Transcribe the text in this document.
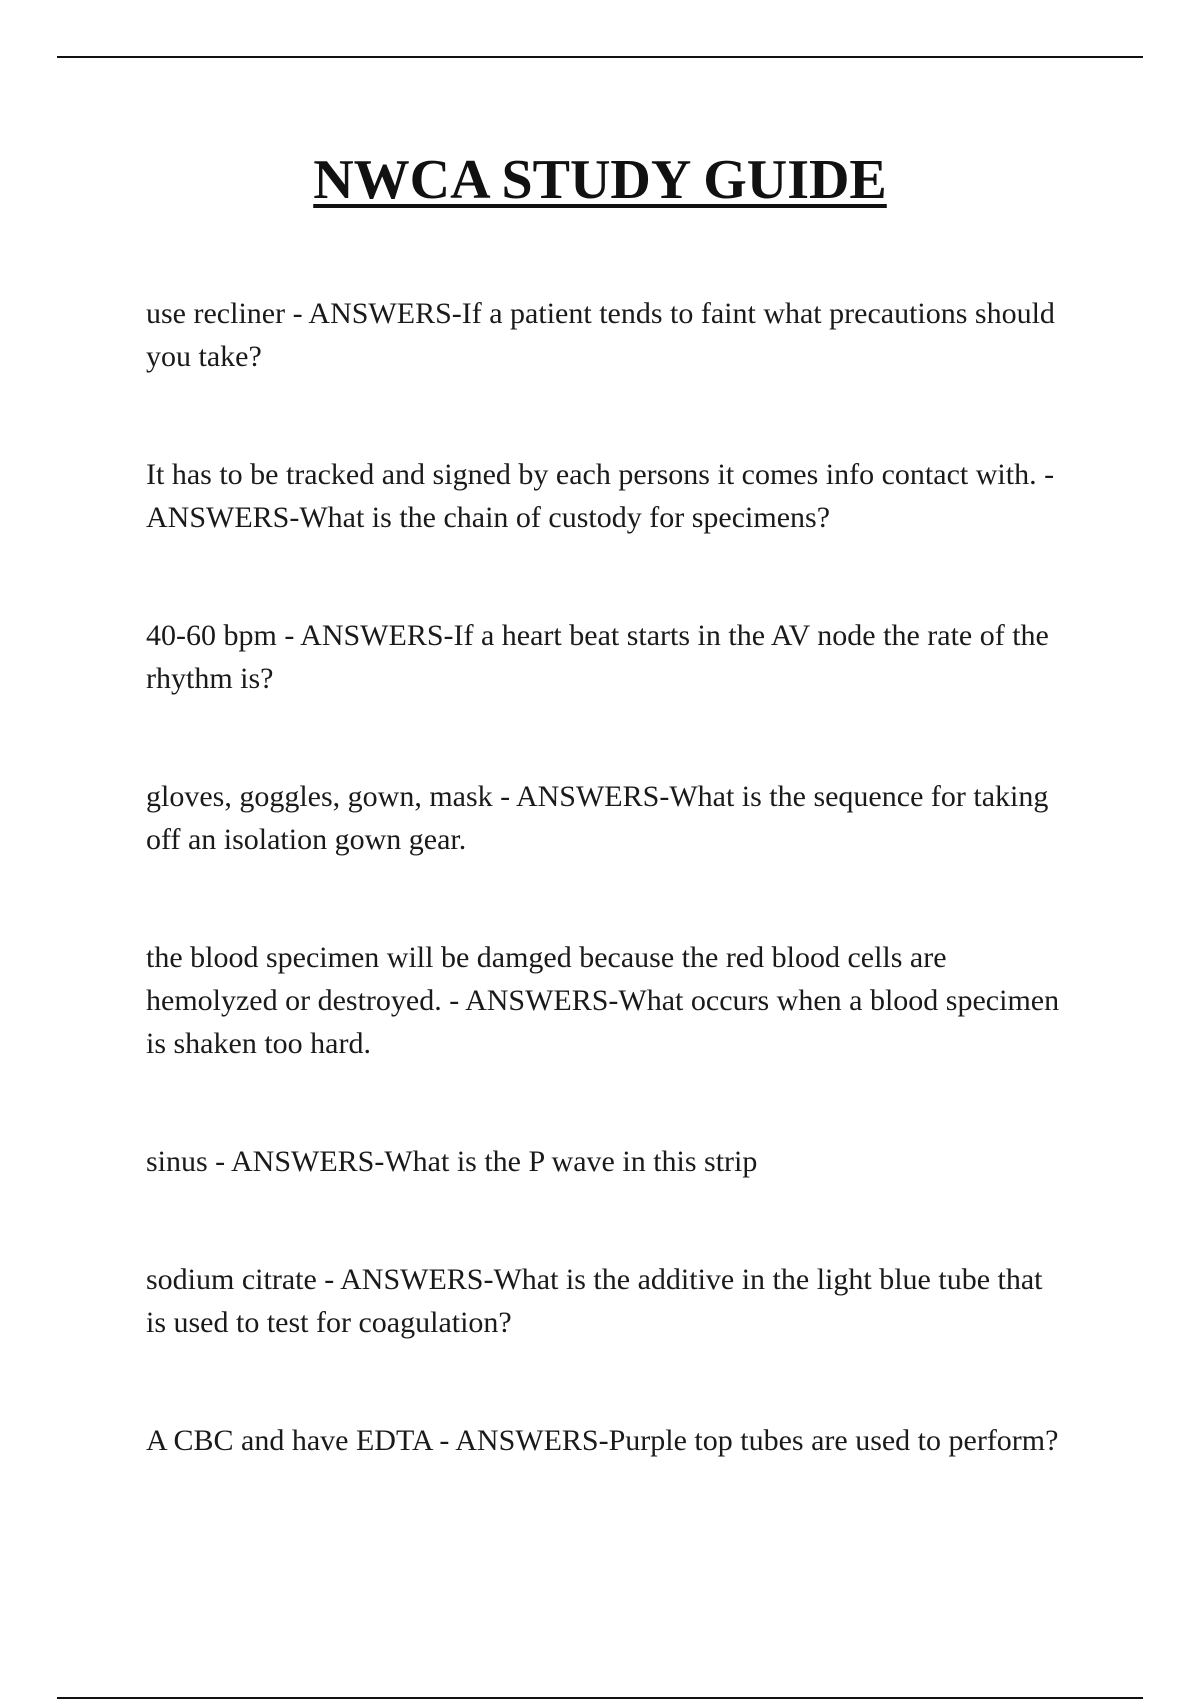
NWCA STUDY GUIDE

use recliner - ANSWERS-If a patient tends to faint what precautions should you take?

It has to be tracked and signed by each persons it comes info contact with. - ANSWERS-What is the chain of custody for specimens?

40-60 bpm - ANSWERS-If a heart beat starts in the AV node the rate of the rhythm is?

gloves, goggles, gown, mask - ANSWERS-What is the sequence for taking off an isolation gown gear.

the blood specimen will be damged because the red blood cells are hemolyzed or destroyed. - ANSWERS-What occurs when a blood specimen is shaken too hard.

sinus - ANSWERS-What is the P wave in this strip

sodium citrate - ANSWERS-What is the additive in the light blue tube that is used to test for coagulation?

A CBC and have EDTA - ANSWERS-Purple top tubes are used to perform?
